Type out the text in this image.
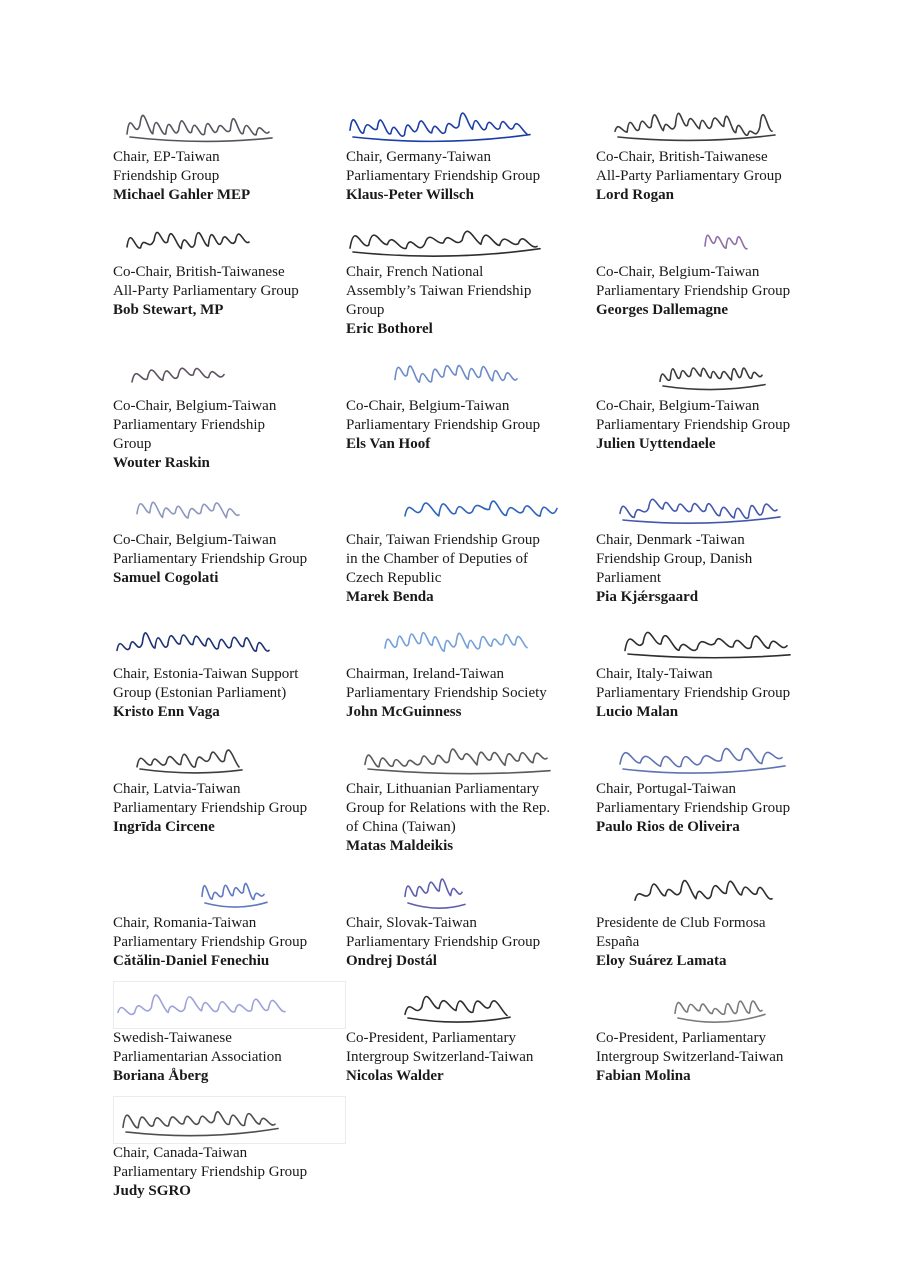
Chair, EP-Taiwan
Friendship Group
Michael Gahler MEP
Chair, Germany-Taiwan
Parliamentary Friendship Group
Klaus-Peter Willsch
Co-Chair, British-Taiwanese
All-Party Parliamentary Group
Lord Rogan
Co-Chair, British-Taiwanese
All-Party Parliamentary Group
Bob Stewart, MP
Chair, French National
Assembly’s Taiwan Friendship
Group
Eric Bothorel
Co-Chair, Belgium-Taiwan
Parliamentary Friendship Group
Georges Dallemagne
Co-Chair, Belgium-Taiwan
Parliamentary Friendship
Group
Wouter Raskin
Co-Chair, Belgium-Taiwan
Parliamentary Friendship Group
Els Van Hoof
Co-Chair, Belgium-Taiwan
Parliamentary Friendship Group
Julien Uyttendaele
Co-Chair, Belgium-Taiwan
Parliamentary Friendship Group
Samuel Cogolati
Chair, Taiwan Friendship Group
in the Chamber of Deputies of
Czech Republic
Marek Benda
Chair, Denmark -Taiwan
Friendship Group, Danish
Parliament
Pia Kjǽrsgaard
Chair, Estonia-Taiwan Support
Group (Estonian Parliament)
Kristo Enn Vaga
Chairman, Ireland-Taiwan
Parliamentary Friendship Society
John McGuinness
Chair, Italy-Taiwan
Parliamentary Friendship Group
Lucio Malan
Chair, Latvia-Taiwan
Parliamentary Friendship Group
Ingrīda Circene
Chair, Lithuanian Parliamentary
Group for Relations with the Rep.
of China (Taiwan)
Matas Maldeikis
Chair, Portugal-Taiwan
Parliamentary Friendship Group
Paulo Rios de Oliveira
Chair, Romania-Taiwan
Parliamentary Friendship Group
Cătălin-Daniel Fenechiu
Chair, Slovak-Taiwan
Parliamentary Friendship Group
Ondrej Dostál
Presidente de Club Formosa
España
Eloy Suárez Lamata
Swedish-Taiwanese
Parliamentarian Association
Boriana Åberg
Co-President, Parliamentary
Intergroup Switzerland-Taiwan
Nicolas Walder
Co-President, Parliamentary
Intergroup Switzerland-Taiwan
Fabian Molina
Chair, Canada-Taiwan
Parliamentary Friendship Group
Judy SGRO
